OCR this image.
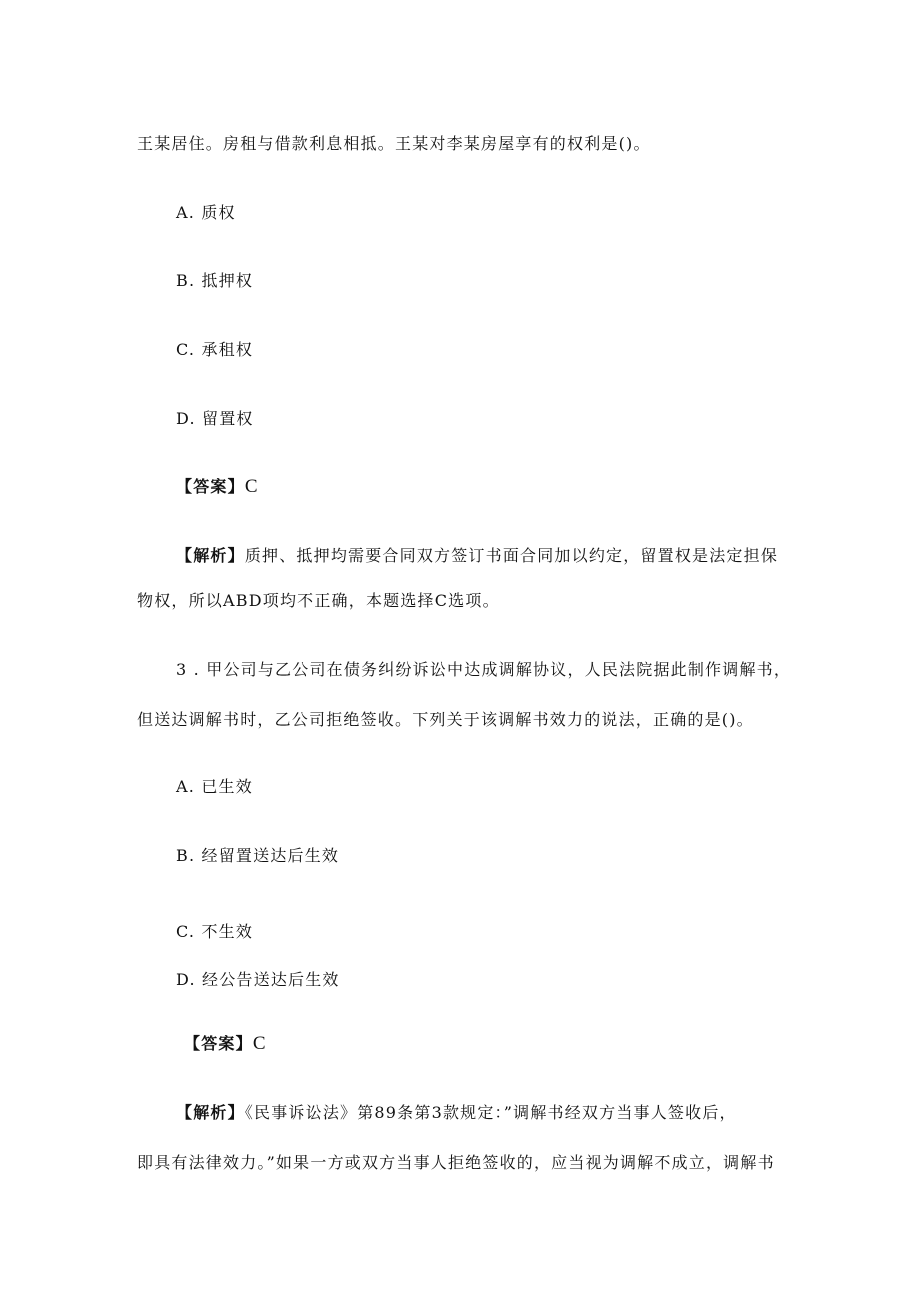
王某居住。房租与借款利息相抵。王某对李某房屋享有的权利是()。
A. 质权
B. 抵押权
C. 承租权
D. 留置权
【答案】C
【解析】质押、抵押均需要合同双方签订书面合同加以约定，留置权是法定担保
物权，所以ABD项均不正确，本题选择C选项。
3 . 甲公司与乙公司在债务纠纷诉讼中达成调解协议，人民法院据此制作调解书，
但送达调解书时，乙公司拒绝签收。下列关于该调解书效力的说法，正确的是()。
A. 已生效
B. 经留置送达后生效
C. 不生效
D. 经公告送达后生效
【答案】C
【解析】《民事诉讼法》第89条第3款规定：”调解书经双方当事人签收后，
即具有法律效力。”如果一方或双方当事人拒绝签收的，应当视为调解不成立，调解书
